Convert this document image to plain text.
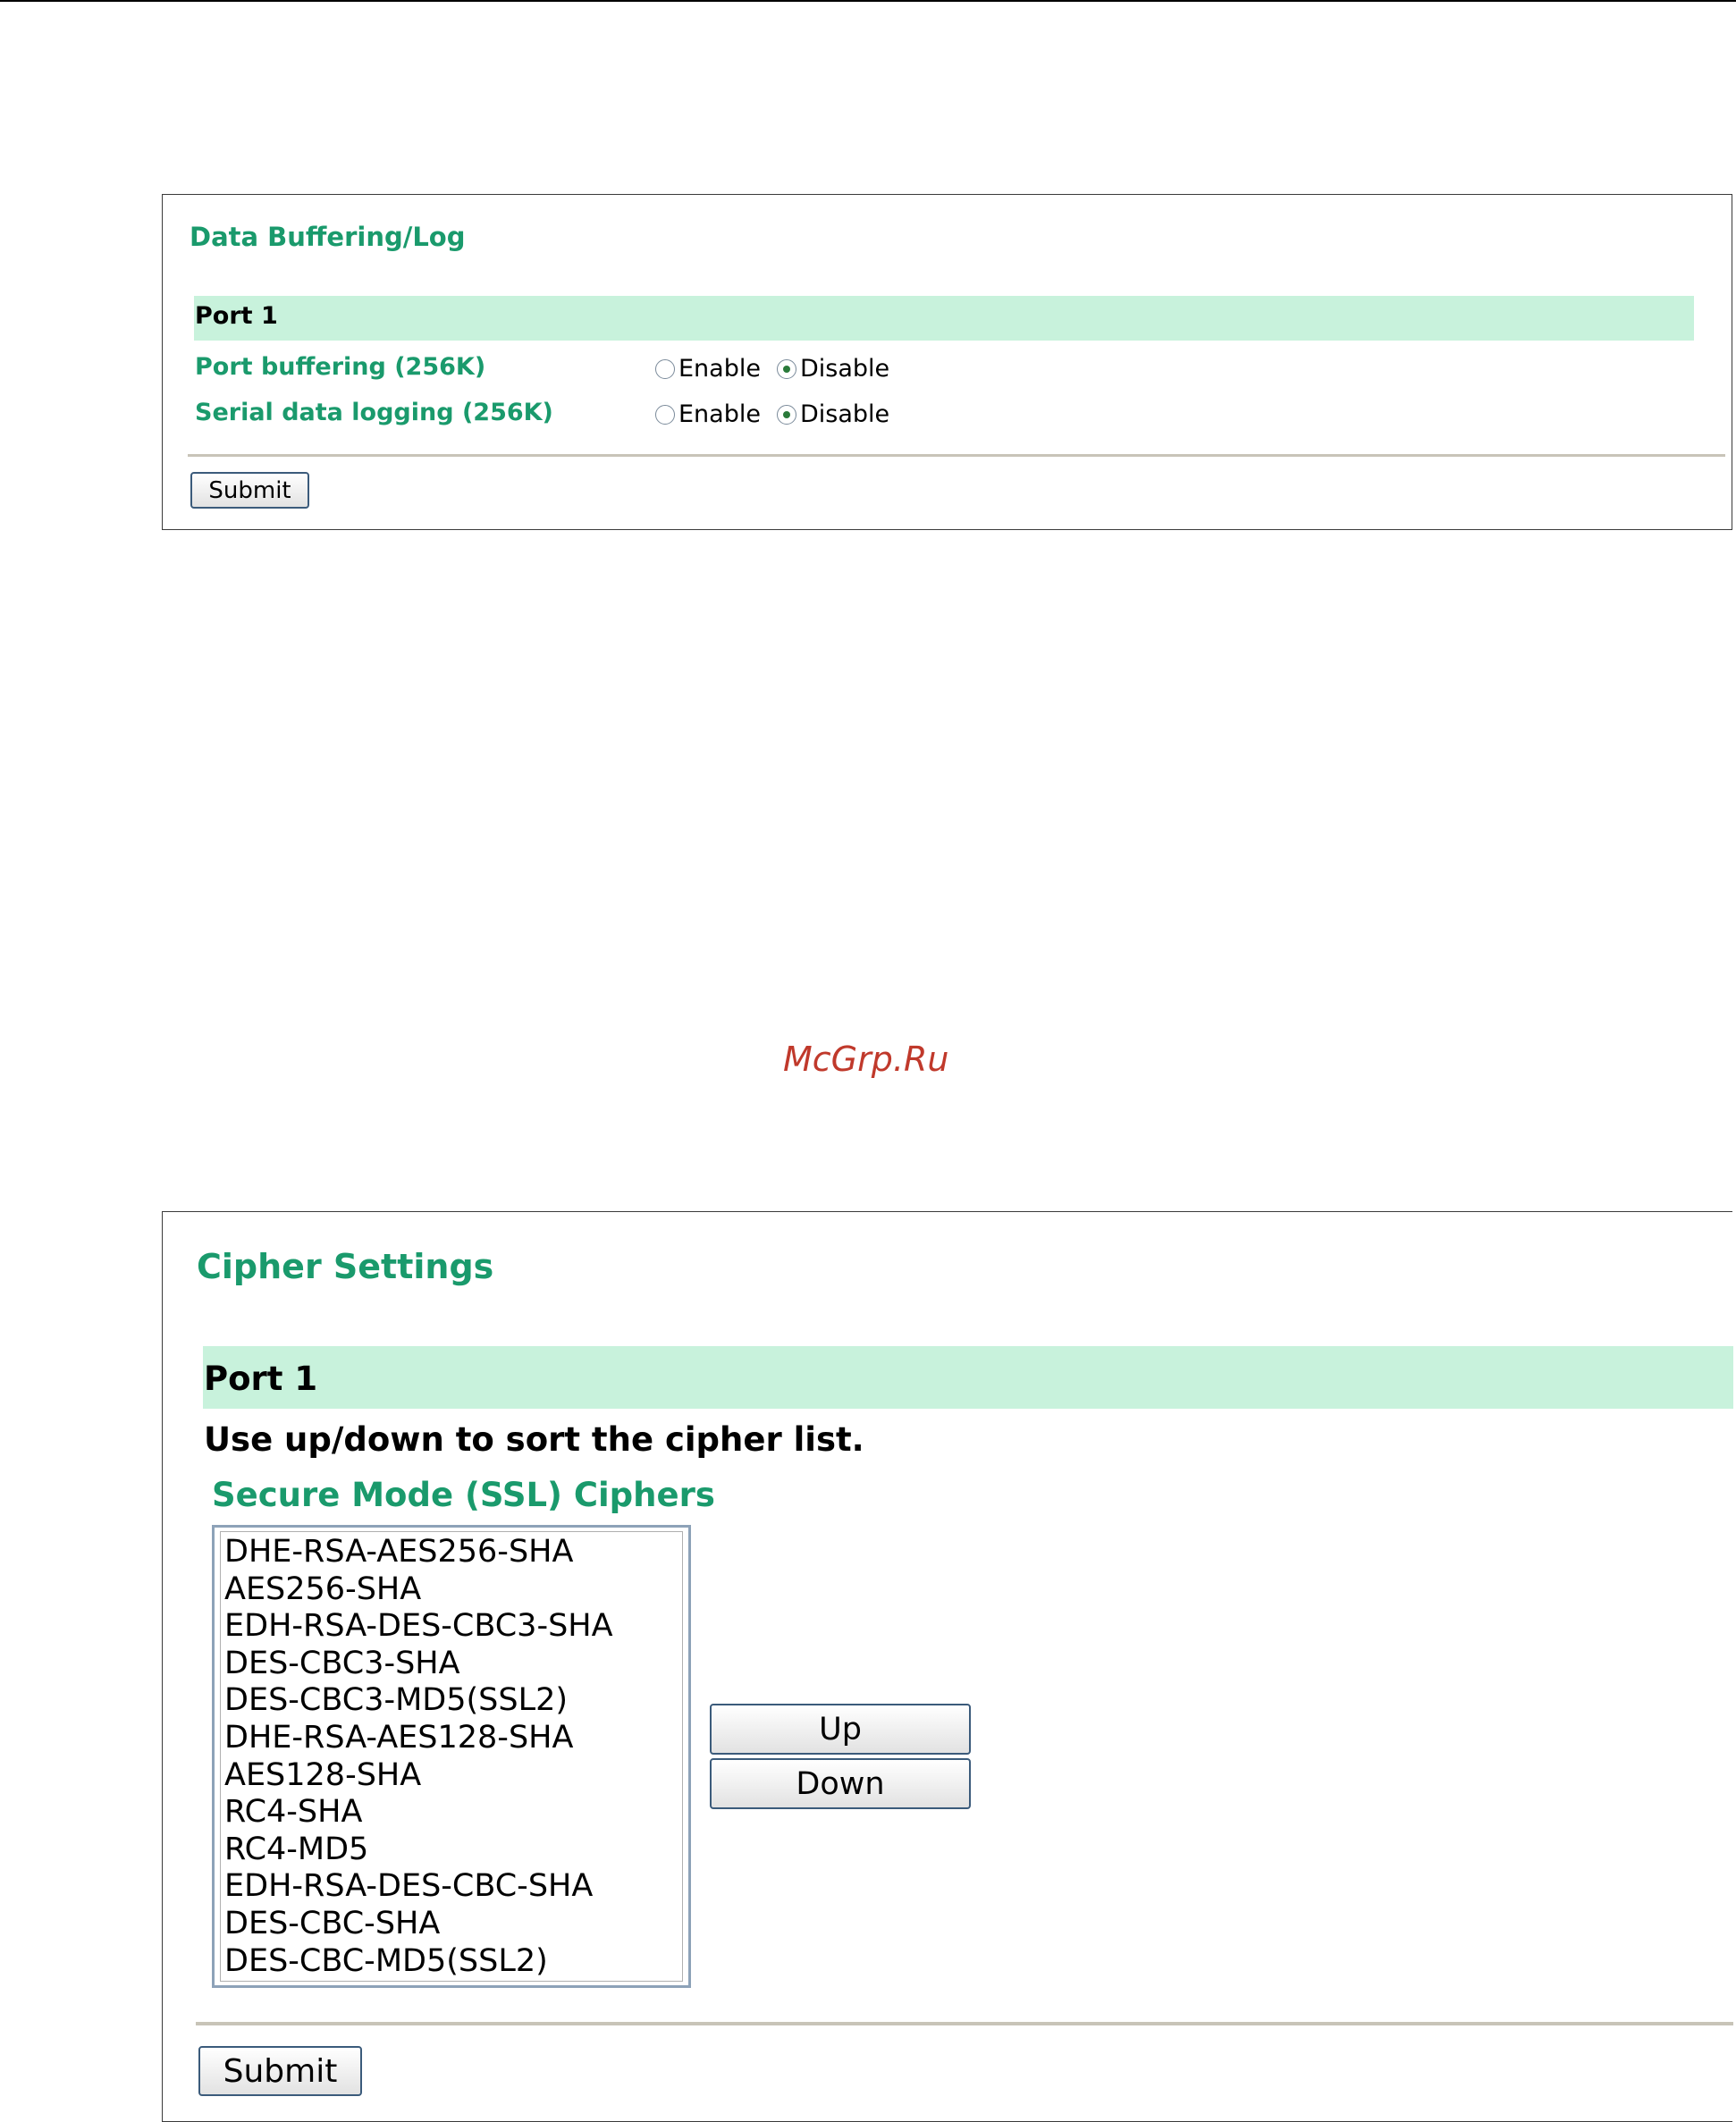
Data Buffering/Log
Port 1
Port buffering (256K)	Enable Disable
Serial data logging (256K)	Enable Disable
Submit
McGrp.Ru
Cipher Settings
Port 1
Use up/down to sort the cipher list.
Secure Mode (SSL) Ciphers
DHE-RSA-AES256-SHA
AES256-SHA
EDH-RSA-DES-CBC3-SHA
DES-CBC3-SHA
DES-CBC3-MD5(SSL2)
DHE-RSA-AES128-SHA
AES128-SHA
RC4-SHA
RC4-MD5
EDH-RSA-DES-CBC-SHA
DES-CBC-SHA
DES-CBC-MD5(SSL2)
Up
Down
Submit
